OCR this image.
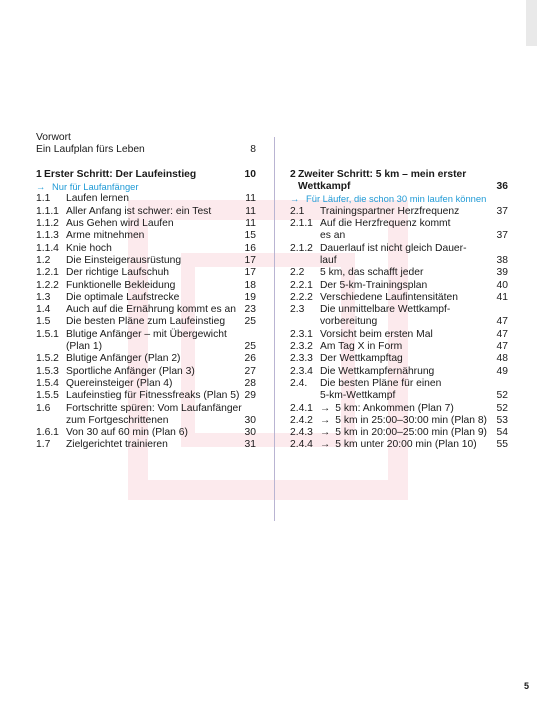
Vorwort
Ein Laufplan fürs Leben	8
1 Erster Schritt: Der Laufeinstieg	10
→ Nur für Laufanfänger
1.1 Laufen lernen	11
1.1.1 Aller Anfang ist schwer: ein Test	11
1.1.2 Aus Gehen wird Laufen	11
1.1.3 Arme mitnehmen	15
1.1.4 Knie hoch	16
1.2 Die Einsteigerausrüstung	17
1.2.1 Der richtige Laufschuh	17
1.2.2 Funktionelle Bekleidung	18
1.3 Die optimale Laufstrecke	19
1.4 Auch auf die Ernährung kommt es an 23
1.5 Die besten Pläne zum Laufeinstieg 25
1.5.1 Blutige Anfänger – mit Übergewicht
(Plan 1)	25
1.5.2 Blutige Anfänger (Plan 2)	26
1.5.3 Sportliche Anfänger (Plan 3)	27
1.5.4 Quereinsteiger (Plan 4)	28
1.5.5 Laufeinstieg für Fitnessfreaks (Plan 5) 29
1.6 Fortschritte spüren: Vom Laufanfänger
zum Fortgeschrittenen	30
1.6.1 Von 30 auf 60 min (Plan 6)	30
1.7 Zielgerichtet trainieren	31
2 Zweiter Schritt: 5 km – mein erster
Wettkampf	36
→ Für Läufer, die schon 30 min laufen können
2.1 Trainingspartner Herzfrequenz	37
2.1.1 Auf die Herzfrequenz kommt
es an	37
2.1.2 Dauerlauf ist nicht gleich Dauer-
lauf	38
2.2 5 km, das schafft jeder	39
2.2.1 Der 5-km-Trainingsplan	40
2.2.2 Verschiedene Laufintensitäten	41
2.3 Die unmittelbare Wettkampf-
vorbereitung	47
2.3.1 Vorsicht beim ersten Mal	47
2.3.2 Am Tag X in Form	47
2.3.3 Der Wettkampftag	48
2.3.4 Die Wettkampfernährung	49
2.4. Die besten Pläne für einen
5-km-Wettkampf	52
2.4.1 → 5 km: Ankommen (Plan 7)	52
2.4.2 → 5 km in 25:00–30:00 min (Plan 8) 53
2.4.3 → 5 km in 20:00–25:00 min (Plan 9) 54
2.4.4 → 5 km unter 20:00 min (Plan 10) 55
5
